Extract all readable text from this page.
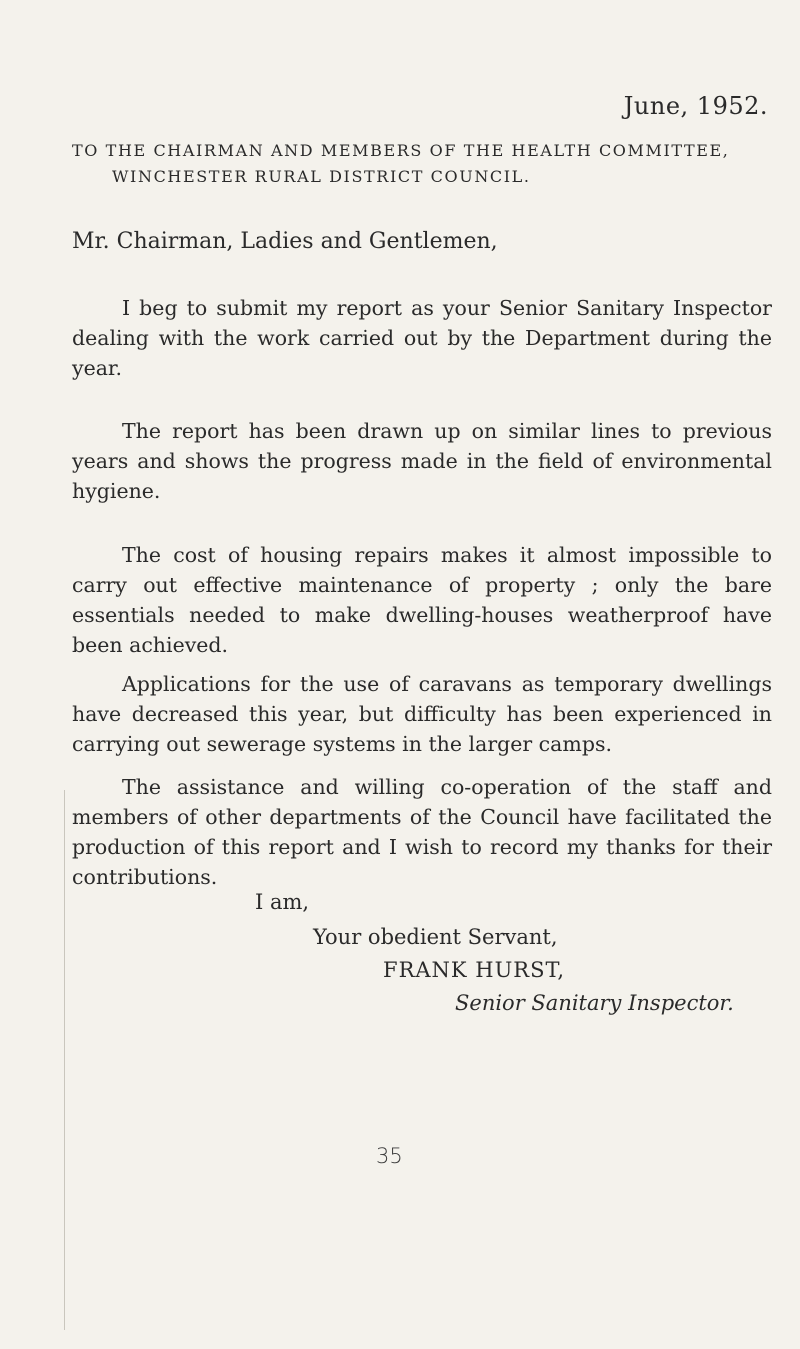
June, 1952.
TO THE CHAIRMAN AND MEMBERS OF THE HEALTH COMMITTEE,
WINCHESTER RURAL DISTRICT COUNCIL.
Mr. Chairman, Ladies and Gentlemen,

I beg to submit my report as your Senior Sanitary Inspector dealing with the work carried out by the Department during the year.

The report has been drawn up on similar lines to previous years and shows the progress made in the field of environmental hygiene.

The cost of housing repairs makes it almost impossible to carry out effective maintenance of property ; only the bare essentials needed to make dwelling-houses weatherproof have been achieved.

Applications for the use of caravans as temporary dwellings have decreased this year, but difficulty has been experienced in carrying out sewerage systems in the larger camps.

The assistance and willing co-operation of the staff and members of other departments of the Council have facilitated the production of this report and I wish to record my thanks for their contributions.

I am,
Your obedient Servant,
FRANK HURST,
Senior Sanitary Inspector.
35
